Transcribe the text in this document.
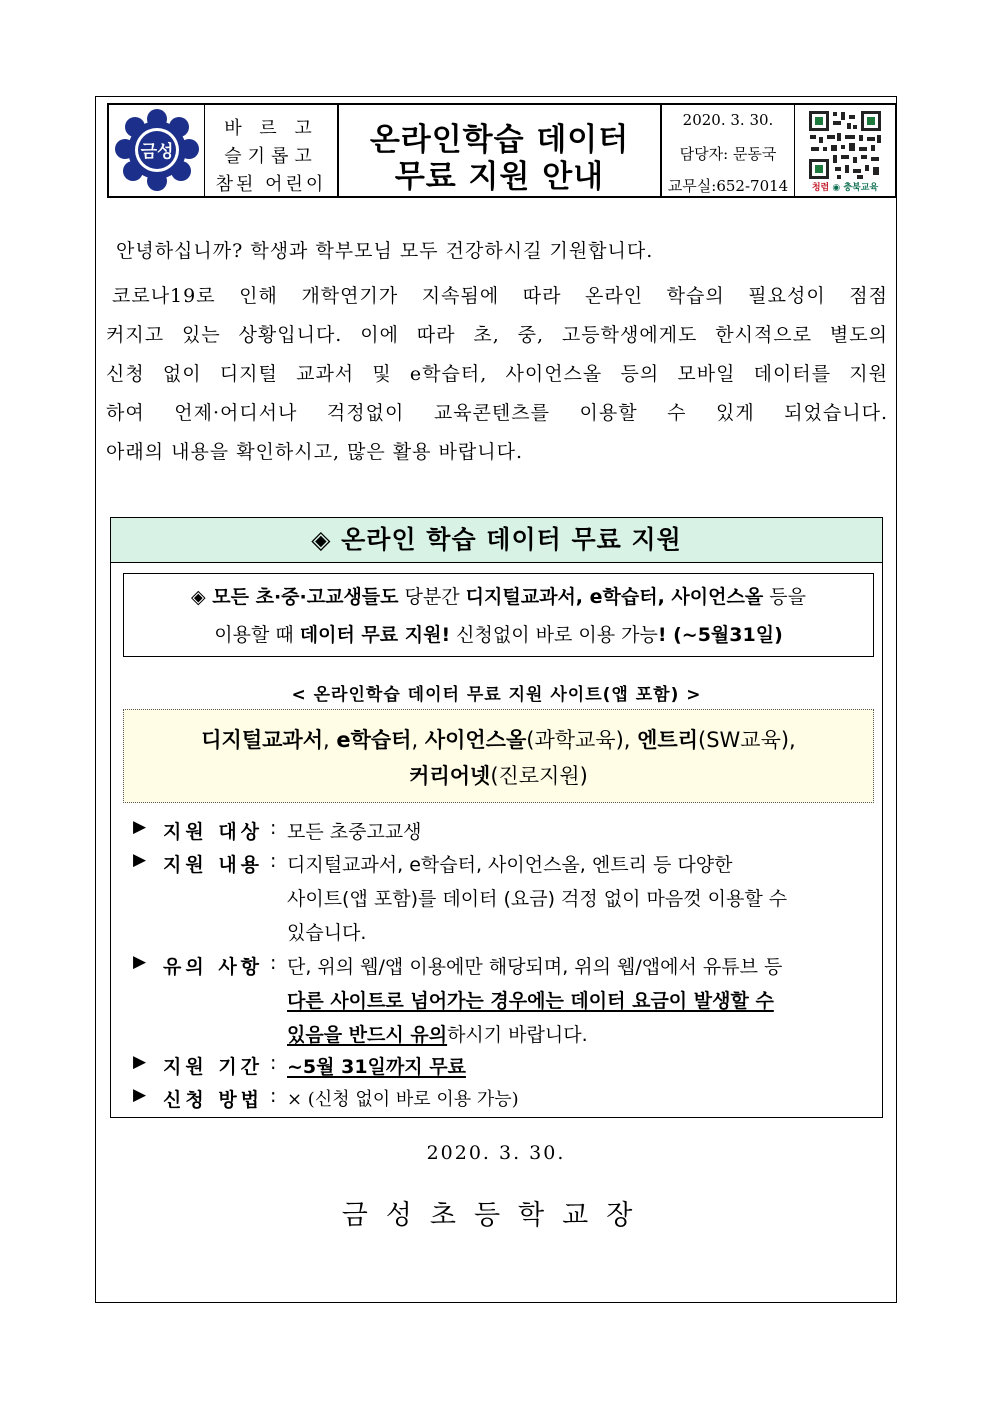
금성
바 르 고
슬기롭고
참된 어린이
온라인학습 데이터
무료 지원 안내
2020. 3. 30.
담당자: 문동국
교무실:652-7014	청렴 ◉ 충북교육
안녕하십니까? 학생과 학부모님 모두 건강하시길 기원합니다.
코로나19로 인해 개학연기가 지속됨에 따라 온라인 학습의 필요성이 점점
커지고 있는 상황입니다. 이에 따라 초, 중, 고등학생에게도 한시적으로 별도의
신청 없이 디지털 교과서 및 e학습터, 사이언스올 등의 모바일 데이터를 지원
하여 언제·어디서나 걱정없이 교육콘텐츠를 이용할 수 있게 되었습니다.
아래의 내용을 확인하시고, 많은 활용 바랍니다.
◈ 온라인 학습 데이터 무료 지원
◈ 모든 초·중·고교생들도 당분간 디지털교과서, e학습터, 사이언스올 등을
이용할 때 데이터 무료 지원! 신청없이 바로 이용 가능! (~5월31일)
< 온라인학습 데이터 무료 지원 사이트(앱 포함) >
디지털교과서, e학습터, 사이언스올(과학교육), 엔트리(SW교육),
커리어넷(진로지원)
▶ 지원 대상 : 모든 초중고교생
▶ 지원 내용 : 디지털교과서, e학습터, 사이언스올, 엔트리 등 다양한
사이트(앱 포함)를 데이터 (요금) 걱정 없이 마음껏 이용할 수
있습니다.
▶ 유의 사항 : 단, 위의 웹/앱 이용에만 해당되며, 위의 웹/앱에서 유튜브 등
다른 사이트로 넘어가는 경우에는 데이터 요금이 발생할 수
있음을 반드시 유의하시기 바랍니다.
▶ 지원 기간 : ~5월 31일까지 무료
▶ 신청 방법 : × (신청 없이 바로 이용 가능)
2020. 3. 30.
금성초등학교장
